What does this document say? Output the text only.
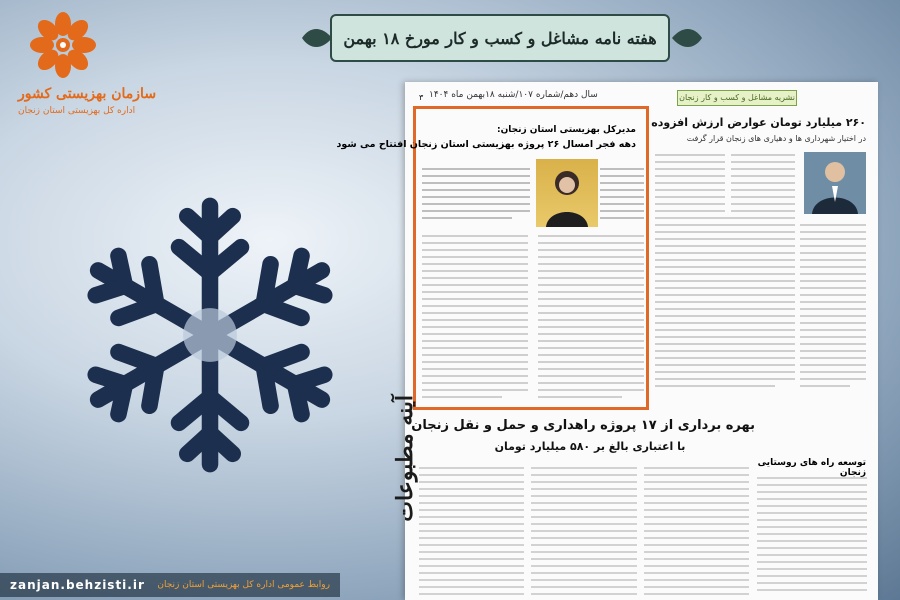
سازمان بهزیستی کشور
اداره کل بهزیستی استان زنجان
هفته نامه مشاغل و کسب و کار مورخ ۱۸ بهمن
سال دهم/شماره ۱۰۷/شنبه ۱۸بهمن ماه ۱۴۰۴
۳	نشریه مشاغل و کسب و کار زنجان
مدیرکل بهزیستی استان زنجان:
دهه فجر امسال ۲۶ پروژه بهزیستی استان زنجان افتتاح می شود
۲۶۰ میلیارد تومان عوارض ارزش افزوده
در اختیار شهرداری ها و دهیاری های زنجان قرار گرفت
بهره برداری از ۱۷ پروژه راهداری و حمل و نقل زنجان
با اعتباری بالغ بر ۵۸۰ میلیارد تومان
توسعه راه های روستایی زنجان
آینه مطبوعات
zanjan.behzisti.ir روابط عمومی اداره کل بهزیستی استان زنجان
